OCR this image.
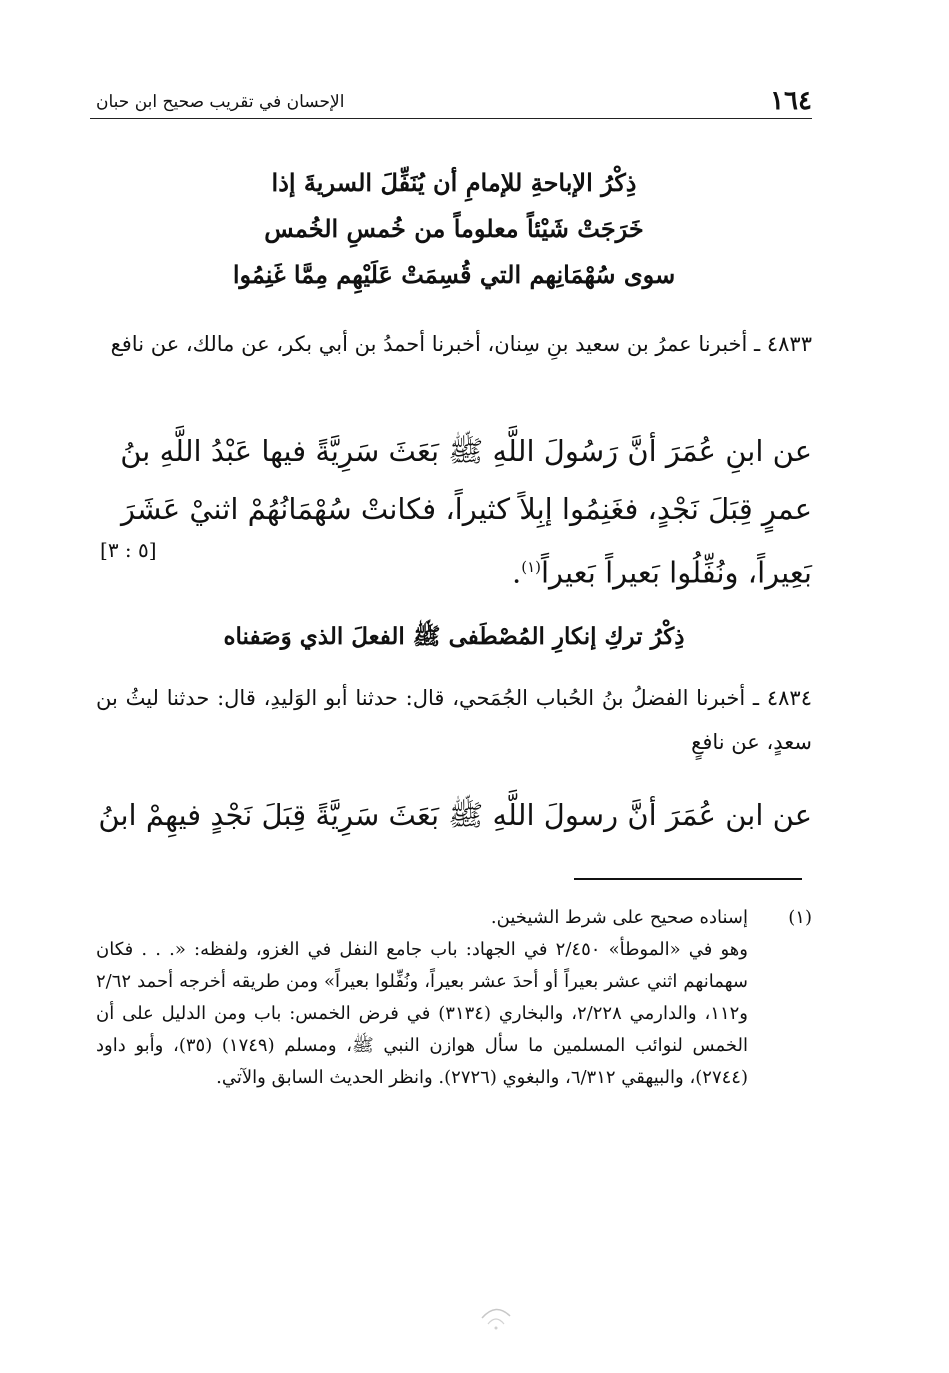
١٦٤
الإحسان في تقريب صحيح ابن حبان
ذِكْرُ الإباحةِ للإمامِ أن يُنَفِّلَ السريةَ إذا
خَرَجَتْ شَيْئاً معلوماً من خُمسِ الخُمس
سوى سُهْمَانِهم التي قُسِمَتْ عَلَيْهِم مِمَّا غَنِمُوا
٤٨٣٣ ـ أخبرنا عمرُ بن سعيد بنِ سِنان، أخبرنا أحمدُ بن أبي بكر، عن مالك، عن نافع
عن ابنِ عُمَرَ أنَّ رَسُولَ اللَّهِ ﷺ بَعَثَ سَرِيَّةً فيها عَبْدُ اللَّهِ بنُ عمرٍ قِبَلَ نَجْدٍ، فغَنِمُوا إبِلاً كثيراً، فكانتْ سُهْمَانُهُمْ اثنيْ عَشَرَ بَعِيراً، ونُفِّلُوا بَعيراً بَعيراً$^{(١)}$.
[٥ : ٣]
ذِكْرُ تركِ إنكارِ المُصْطَفى ﷺ الفعلَ الذي وَصَفناه
٤٨٣٤ ـ أخبرنا الفضلُ بنُ الحُباب الجُمَحي، قال: حدثنا أبو الوَليدِ، قال: حدثنا ليثُ بن سعدٍ، عن نافعٍ
عن ابن عُمَرَ أنَّ رسولَ اللَّهِ ﷺ بَعَثَ سَرِيَّةً قِبَلَ نَجْدٍ فيهِمْ ابنُ
(١)
إسناده صحيح على شرط الشيخين.
وهو في «الموطأ» ٢/٤٥٠ في الجهاد: باب جامع النفل في الغزو، ولفظه: «. . . فكان سهمانهم اثني عشر بعيراً أو أحدَ عشر بعيراً، ونُفِّلوا بعيراً» ومن طريقه أخرجه أحمد ٢/٦٢ و١١٢، والدارمي ٢/٢٢٨، والبخاري (٣١٣٤) في فرض الخمس: باب ومن الدليل على أن الخمس لنوائب المسلمين ما سأل هوازن النبي ﷺ، ومسلم (١٧٤٩) (٣٥)، وأبو داود (٢٧٤٤)، والبيهقي ٦/٣١٢، والبغوي (٢٧٢٦). وانظر الحديث السابق والآتي.
